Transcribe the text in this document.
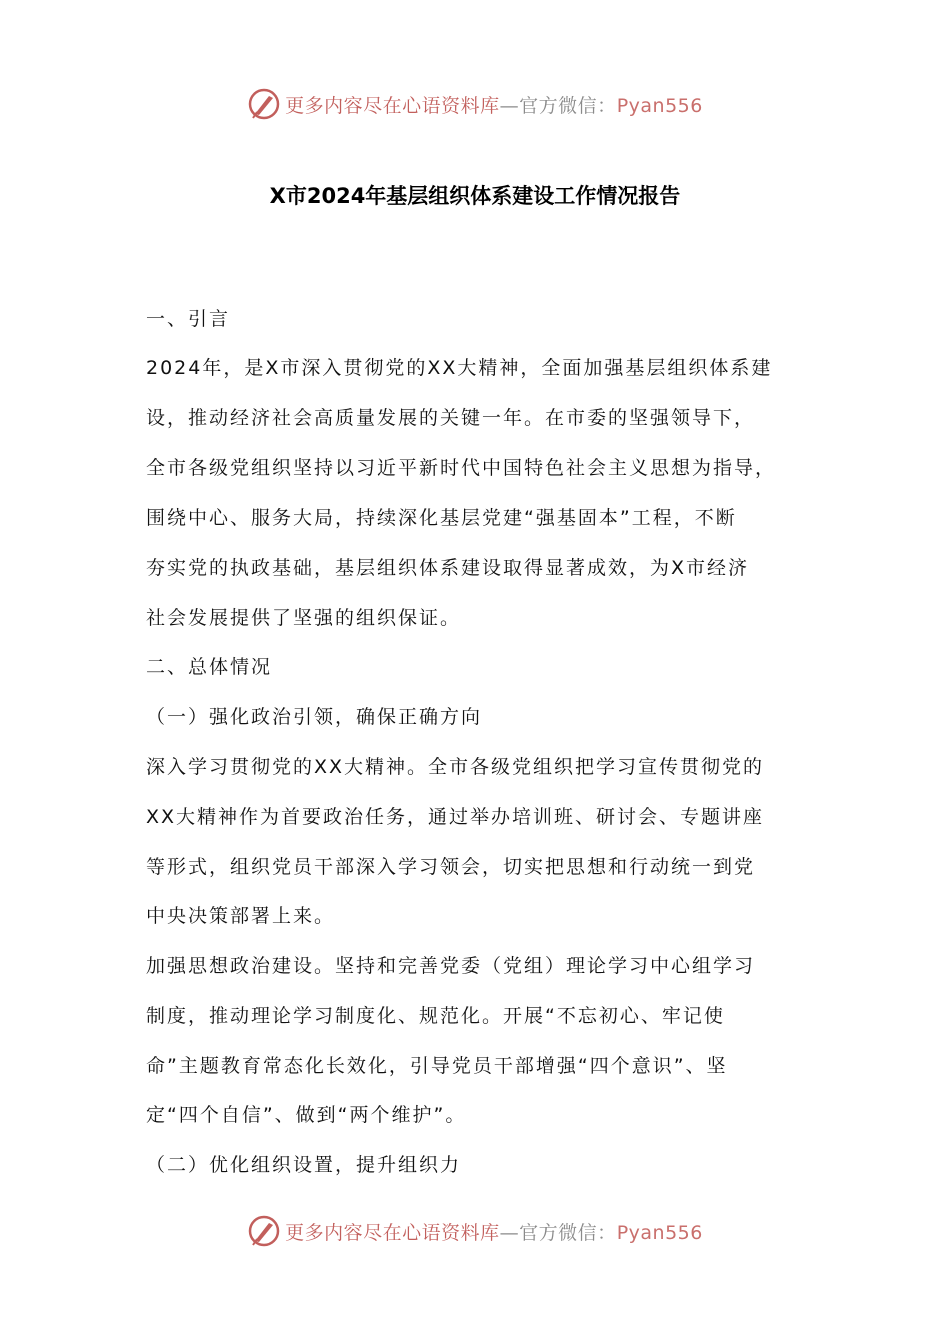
更多内容尽在心语资料库—官方微信：Pyan556
X市2024年基层组织体系建设工作情况报告
一、引言
2024年，是X市深入贯彻党的XX大精神，全面加强基层组织体系建
设，推动经济社会高质量发展的关键一年。在市委的坚强领导下，
全市各级党组织坚持以习近平新时代中国特色社会主义思想为指导，
围绕中心、服务大局，持续深化基层党建“强基固本”工程，不断
夯实党的执政基础，基层组织体系建设取得显著成效，为X市经济
社会发展提供了坚强的组织保证。
二、总体情况
（一）强化政治引领，确保正确方向
深入学习贯彻党的XX大精神。全市各级党组织把学习宣传贯彻党的
XX大精神作为首要政治任务，通过举办培训班、研讨会、专题讲座
等形式，组织党员干部深入学习领会，切实把思想和行动统一到党
中央决策部署上来。
加强思想政治建设。坚持和完善党委（党组）理论学习中心组学习
制度，推动理论学习制度化、规范化。开展“不忘初心、牢记使
命”主题教育常态化长效化，引导党员干部增强“四个意识”、坚
定“四个自信”、做到“两个维护”。
（二）优化组织设置，提升组织力
更多内容尽在心语资料库—官方微信：Pyan556
